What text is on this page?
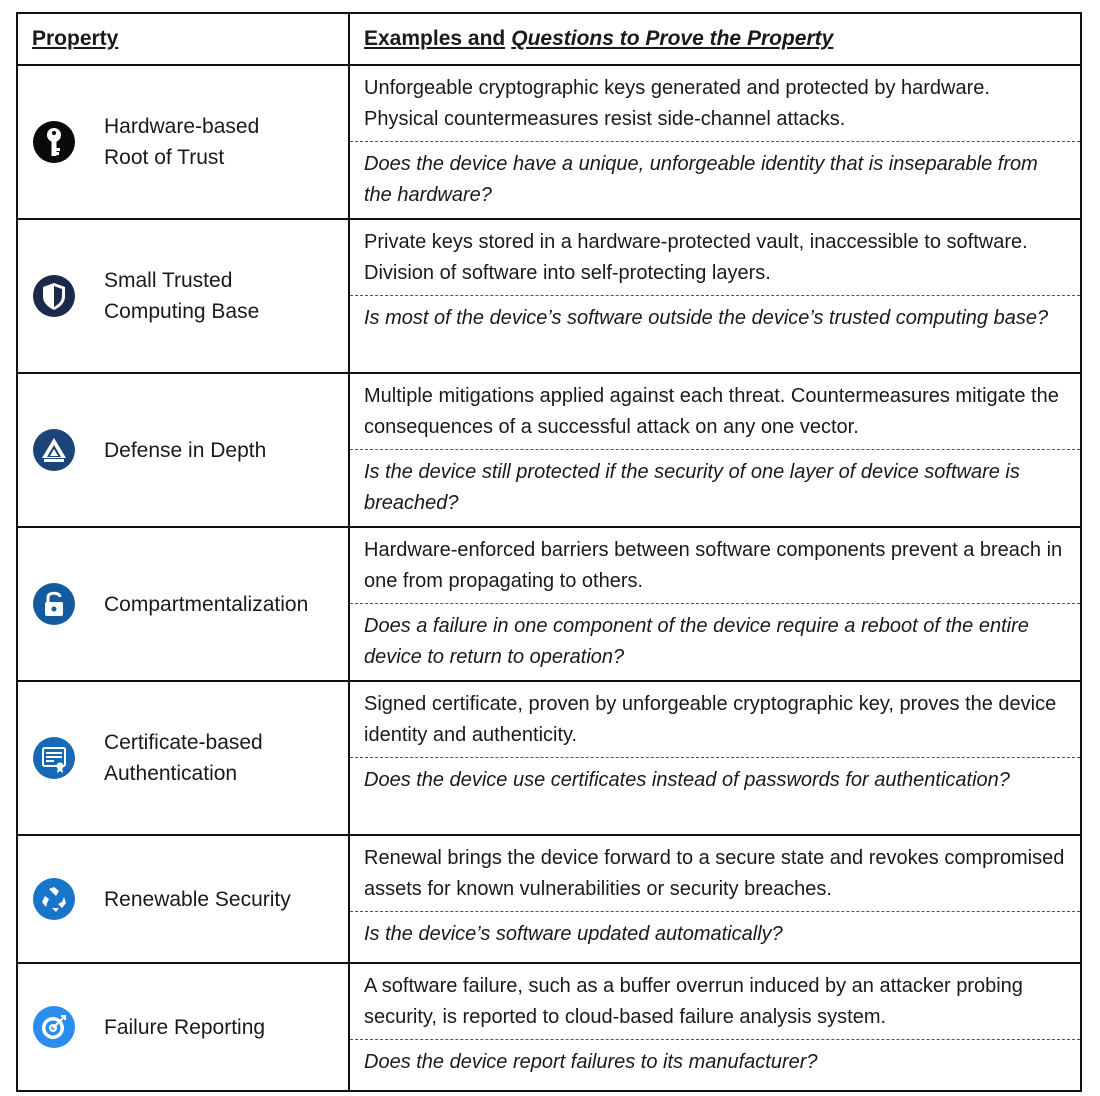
Property	Examples and Questions to Prove the Property
Hardware-based
Root of Trust
Unforgeable cryptographic keys generated and protected by hardware. Physical countermeasures resist side-channel attacks.
Does the device have a unique, unforgeable identity that is inseparable from the hardware?
Small Trusted
Computing Base
Private keys stored in a hardware-protected vault, inaccessible to software. Division of software into self-protecting layers.
Is most of the device’s software outside the device’s trusted computing base?
Defense in Depth
Multiple mitigations applied against each threat. Countermeasures mitigate the consequences of a successful attack on any one vector.
Is the device still protected if the security of one layer of device software is breached?
Compartmentalization
Hardware-enforced barriers between software components prevent a breach in one from propagating to others.
Does a failure in one component of the device require a reboot of the entire device to return to operation?
Certificate-based
Authentication
Signed certificate, proven by unforgeable cryptographic key, proves the device identity and authenticity.
Does the device use certificates instead of passwords for authentication?
Renewable Security
Renewal brings the device forward to a secure state and revokes compromised assets for known vulnerabilities or security breaches.
Is the device’s software updated automatically?
Failure Reporting
A software failure, such as a buffer overrun induced by an attacker probing security, is reported to cloud-based failure analysis system.
Does the device report failures to its manufacturer?
